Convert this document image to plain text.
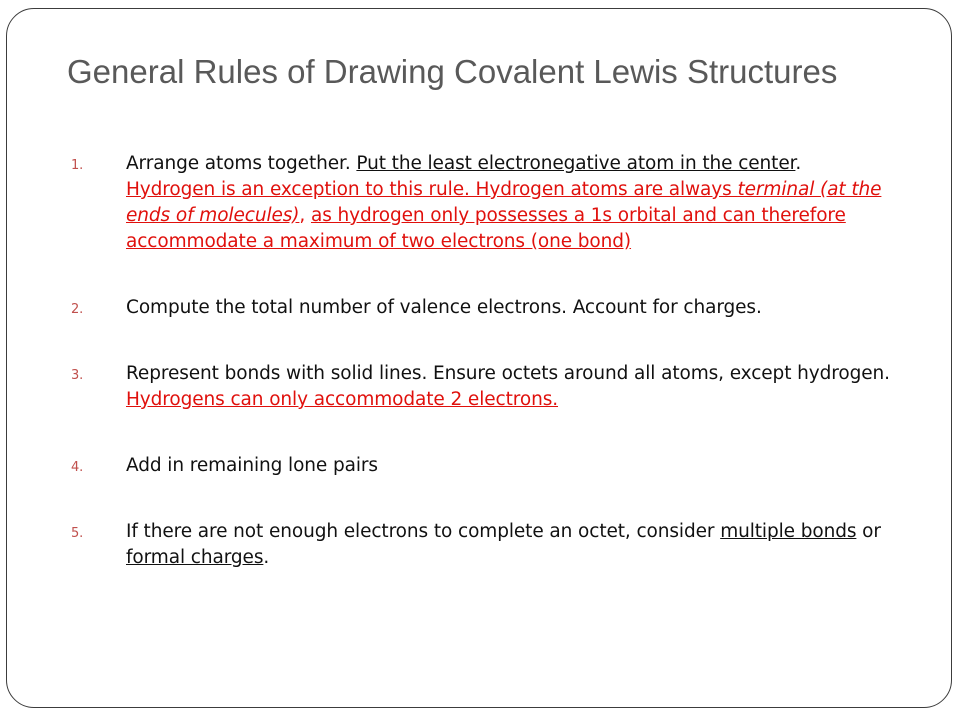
General Rules of Drawing Covalent Lewis Structures
1. Arrange atoms together. Put the least electronegative atom in the center. Hydrogen is an exception to this rule. Hydrogen atoms are always terminal (at the ends of molecules), as hydrogen only possesses a 1s orbital and can therefore accommodate a maximum of two electrons (one bond)
2. Compute the total number of valence electrons. Account for charges.
3. Represent bonds with solid lines. Ensure octets around all atoms, except hydrogen. Hydrogens can only accommodate 2 electrons.
4. Add in remaining lone pairs
5. If there are not enough electrons to complete an octet, consider multiple bonds or formal charges.
